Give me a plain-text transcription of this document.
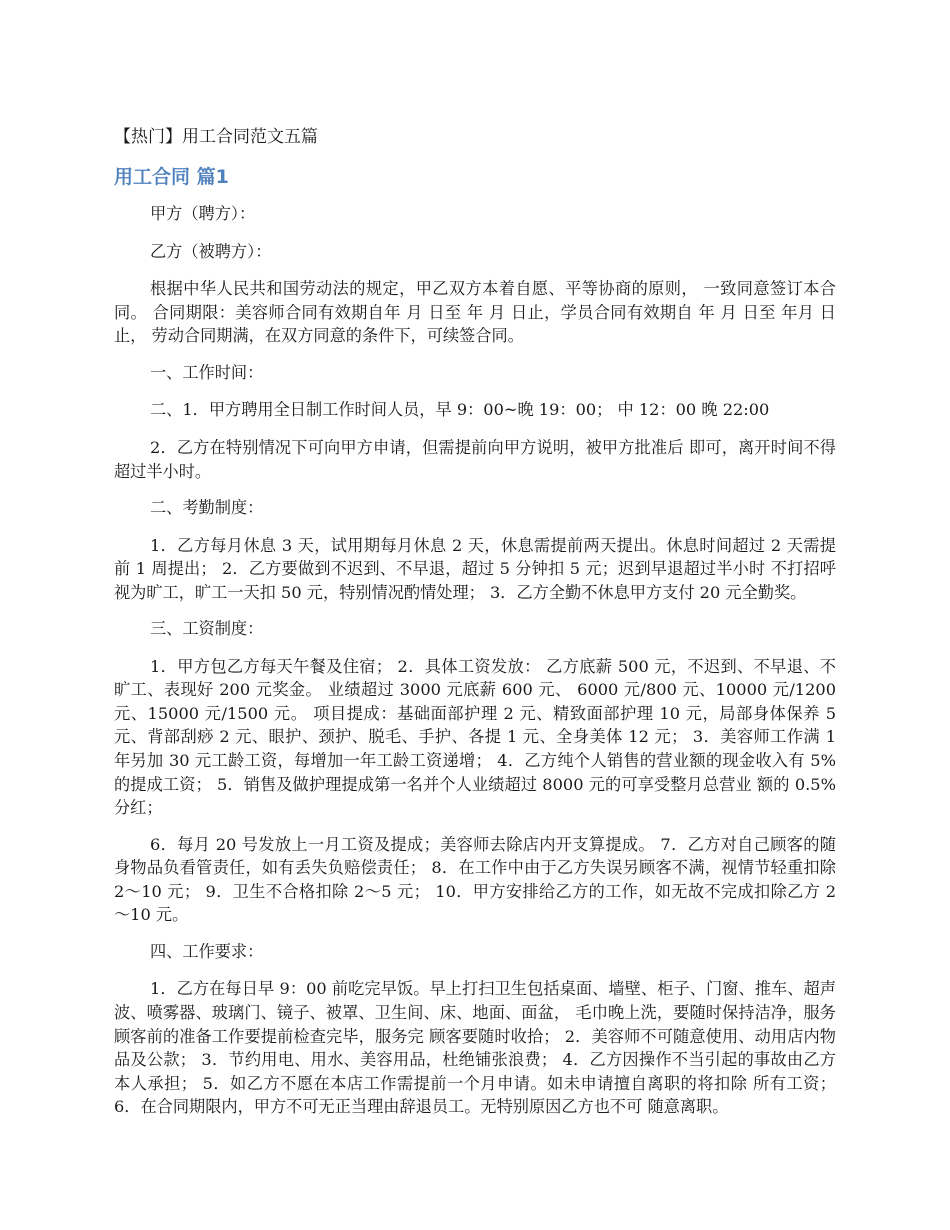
【热门】用工合同范文五篇
用工合同 篇1

甲方（聘方）：

乙方（被聘方）：

根据中华人民共和国劳动法的规定，甲乙双方本着自愿、平等协商的原则， 一致同意签订本合同。 合同期限：美容师合同有效期自年 月 日至 年 月 日止，学员合同有效期自 年 月 日至 年月 日止， 劳动合同期满，在双方同意的条件下，可续签合同。

一、工作时间：

二、1．甲方聘用全日制工作时间人员，早 9：00~晚 19：00； 中 12：00 晚 22:00

2．乙方在特别情况下可向甲方申请，但需提前向甲方说明，被甲方批准后 即可，离开时间不得超过半小时。

二、考勤制度：

1．乙方每月休息 3 天，试用期每月休息 2 天，休息需提前两天提出。休息时间超过 2 天需提前 1 周提出； 2．乙方要做到不迟到、不早退，超过 5 分钟扣 5 元；迟到早退超过半小时 不打招呼视为旷工，旷工一天扣 50 元，特别情况酌情处理； 3．乙方全勤不休息甲方支付 20 元全勤奖。

三、工资制度：

1．甲方包乙方每天午餐及住宿； 2．具体工资发放： 乙方底薪 500 元，不迟到、不早退、不旷工、表现好 200 元奖金。 业绩超过 3000 元底薪 600 元、 6000 元/800 元、10000 元/1200 元、15000 元/1500 元。 项目提成：基础面部护理 2 元、精致面部护理 10 元，局部身体保养 5 元、背部刮痧 2 元、眼护、颈护、脱毛、手护、各提 1 元、全身美体 12 元； 3．美容师工作满 1 年另加 30 元工龄工资，每增加一年工龄工资递增； 4．乙方纯个人销售的营业额的现金收入有 5%的提成工资； 5．销售及做护理提成第一名并个人业绩超过 8000 元的可享受整月总营业 额的 0.5%分红；

6．每月 20 号发放上一月工资及提成；美容师去除店内开支算提成。 7．乙方对自己顾客的随身物品负看管责任，如有丢失负赔偿责任； 8．在工作中由于乙方失误另顾客不满，视情节轻重扣除 2～10 元； 9．卫生不合格扣除 2～5 元； 10．甲方安排给乙方的工作，如无故不完成扣除乙方 2～10 元。

四、工作要求：

1．乙方在每日早 9：00 前吃完早饭。早上打扫卫生包括桌面、墙壁、柜子、门窗、推车、超声波、喷雾器、玻璃门、镜子、被罩、卫生间、床、地面、面盆， 毛巾晚上洗，要随时保持洁净，服务顾客前的准备工作要提前检查完毕，服务完 顾客要随时收拾； 2．美容师不可随意使用、动用店内物品及公款； 3．节约用电、用水、美容用品，杜绝铺张浪费； 4．乙方因操作不当引起的事故由乙方本人承担； 5．如乙方不愿在本店工作需提前一个月申请。如未申请擅自离职的将扣除 所有工资； 6．在合同期限内，甲方不可无正当理由辞退员工。无特别原因乙方也不可 随意离职。
